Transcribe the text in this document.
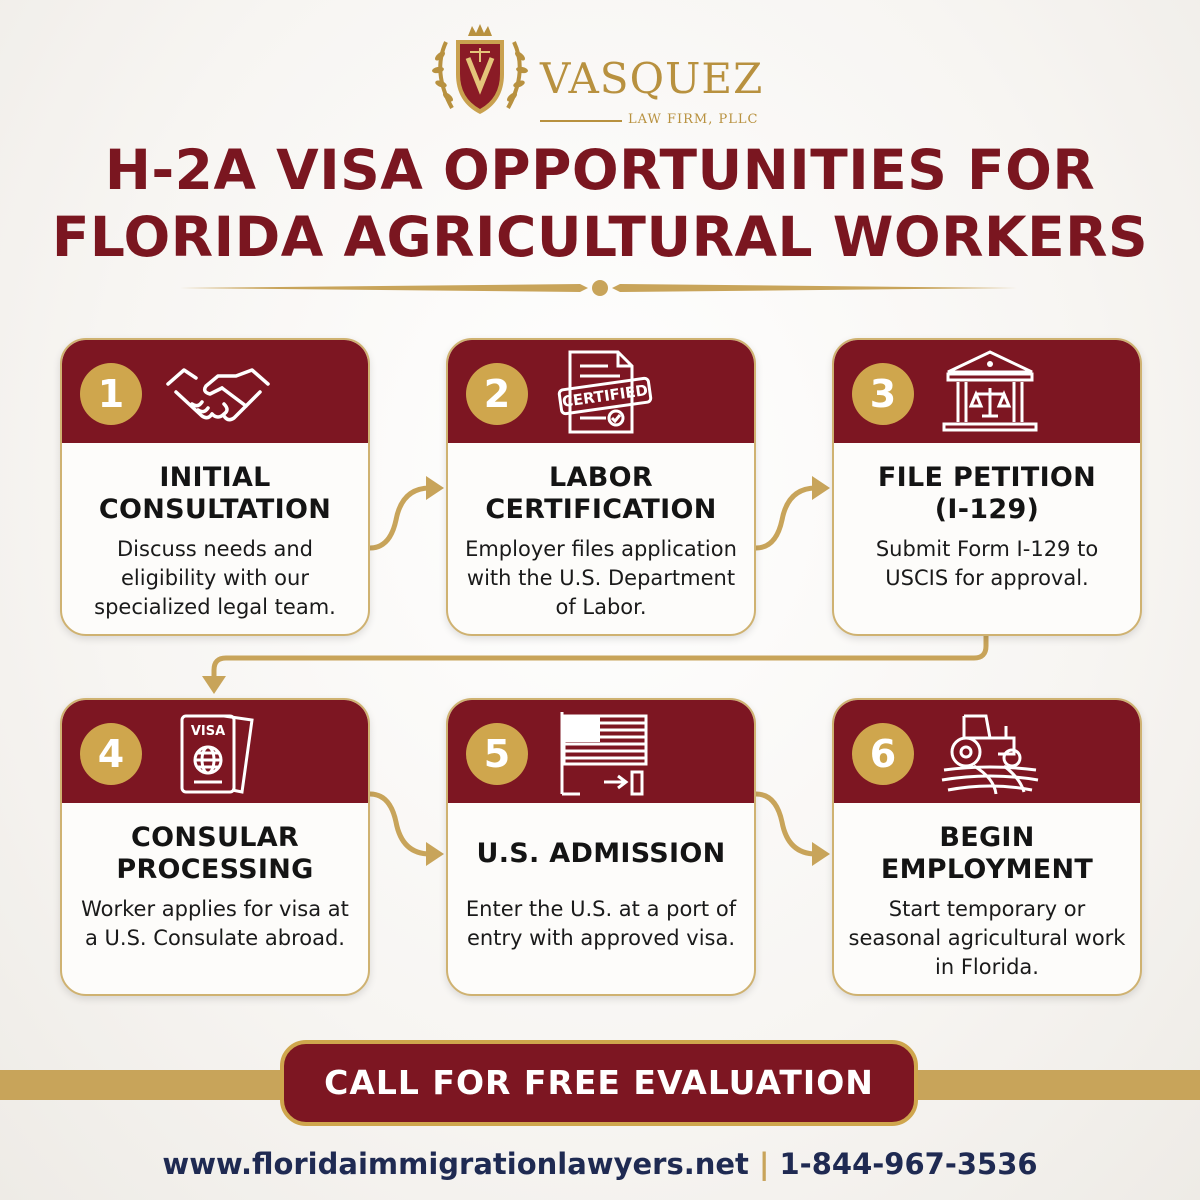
VASQUEZ
LAW FIRM, PLLC
H-2A VISA OPPORTUNITIES FOR
FLORIDA AGRICULTURAL WORKERS
1
INITIAL
CONSULTATION
Discuss needs and eligibility with our specialized legal team.
2	CERTIFIED
LABOR
CERTIFICATION
Employer files application with the U.S. Department of Labor.
3
FILE PETITION
(I-129)
Submit Form I-129 to USCIS for approval.
4
VISA
CONSULAR
PROCESSING
Worker applies for visa at a U.S. Consulate abroad.
5
U.S. ADMISSION
Enter the U.S. at a port of entry with approved visa.
6
BEGIN
EMPLOYMENT
Start temporary or seasonal agricultural work in Florida.
CALL FOR FREE EVALUATION
www.floridaimmigrationlawyers.net | 1-844-967-3536
